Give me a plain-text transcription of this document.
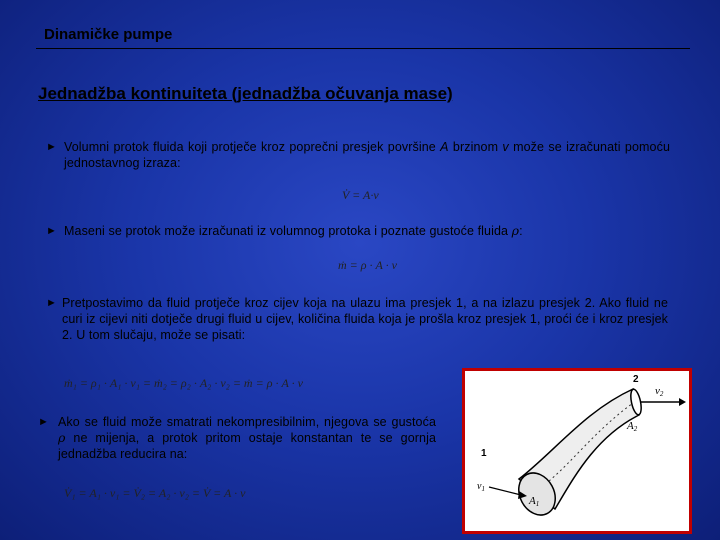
Dinamičke pumpe
Jednadžba kontinuiteta (jednadžba očuvanja mase)
► Volumni protok fluida koji protječe kroz poprečni presjek površine A brzinom v može se izračunati pomoću jednostavnog izraza:
V̇ = A·v
► Maseni se protok može izračunati iz volumnog protoka i poznate gustoće fluida ρ:
ṁ = ρ · A · v
► Pretpostavimo da fluid protječe kroz cijev koja na ulazu ima presjek 1, a na izlazu presjek 2. Ako fluid ne curi iz cijevi niti dotječe drugi fluid u cijev, količina fluida koja je prošla kroz presjek 1, proći će i kroz presjek 2. U tom slučaju, može se pisati:
ṁ₁ = ρ₁ · A₁ · v₁ = ṁ₂ = ρ₂ · A₂ · v₂ = ṁ = ρ · A · v
► Ako se fluid može smatrati nekompresibilnim, njegova se gustoća ρ ne mijenja, a protok pritom ostaje konstantan te se gornja jednadžba reducira na:
V̇₁ = A₁ · v₁ = V̇₂ = A₂ · v₂ = V̇ = A · v
2
v2
A2
1
A1
$v_1$
